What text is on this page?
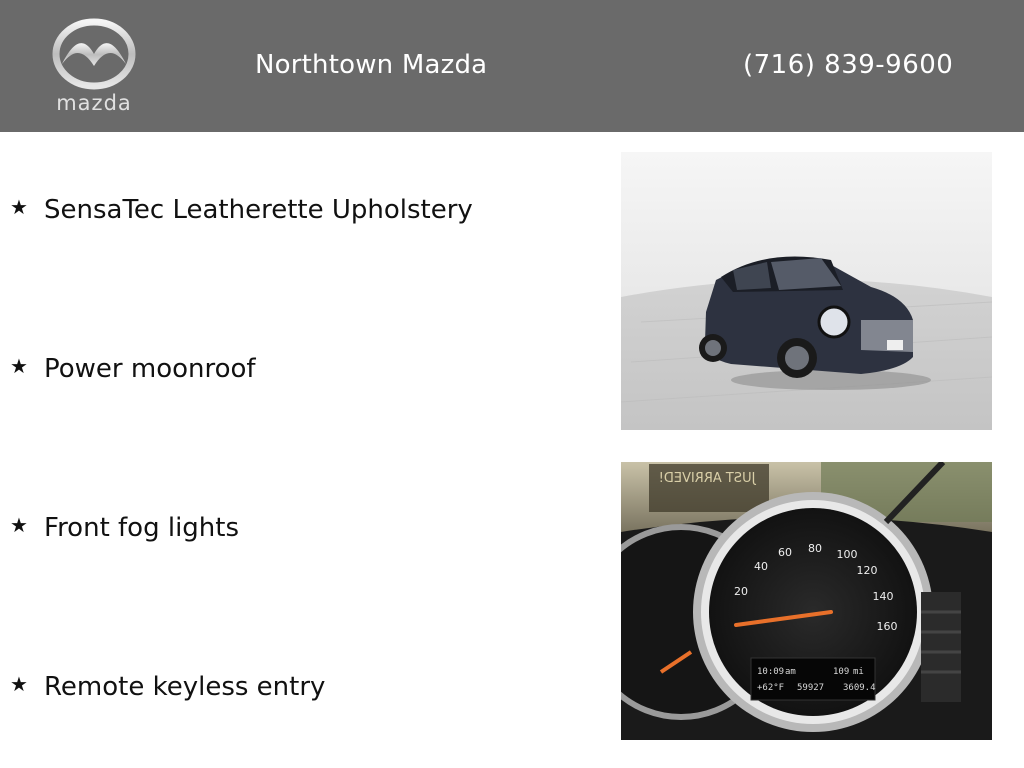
mazda
Northtown Mazda	(716) 839-9600
★ SensaTec Leatherette Upholstery
★ Power moonroof
★ Front fog lights
★ Remote keyless entry
JUST ARRIVED!
20
40
60 80 100
120
140
160
10:09 am	109 mi
+62°F 59927 3609.4
